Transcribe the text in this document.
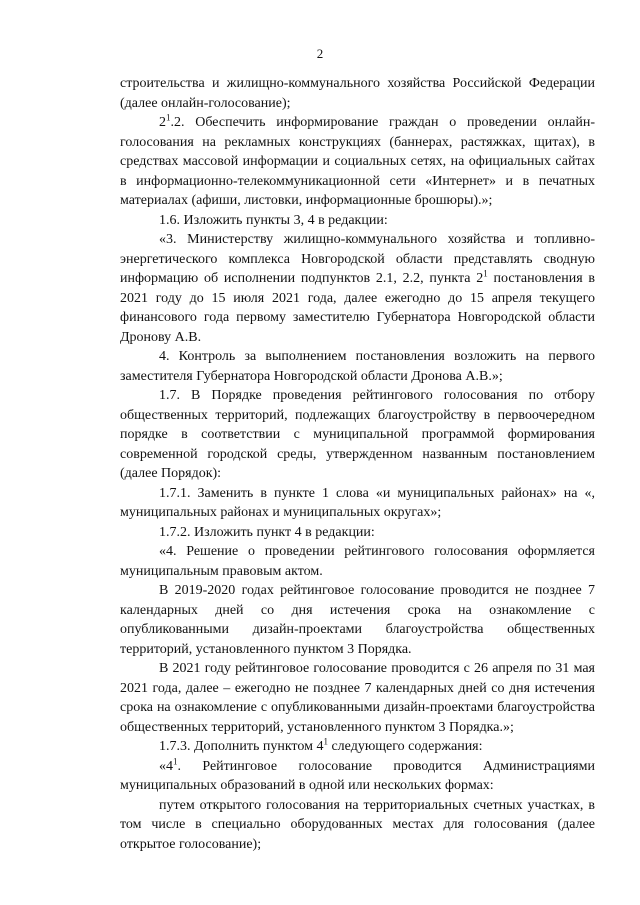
2

строительства и жилищно-коммунального хозяйства Российской Федерации (далее онлайн-голосование);

$2^1.2$. Обеспечить информирование граждан о проведении онлайн-голосования на рекламных конструкциях (баннерах, растяжках, щитах), в средствах массовой информации и социальных сетях, на официальных сайтах в информационно-телекоммуникационной сети «Интернет» и в печатных материалах (афиши, листовки, информационные брошюры).»;

1.6. Изложить пункты 3, 4 в редакции:

«3. Министерству жилищно-коммунального хозяйства и топливно-энергетического комплекса Новгородской области представлять сводную информацию об исполнении подпунктов 2.1, 2.2, пункта $2^1$ постановления в 2021 году до 15 июля 2021 года, далее ежегодно до 15 апреля текущего финансового года первому заместителю Губернатора Новгородской области Дронову А.В.

4. Контроль за выполнением постановления возложить на первого заместителя Губернатора Новгородской области Дронова А.В.»;

1.7. В Порядке проведения рейтингового голосования по отбору общественных территорий, подлежащих благоустройству в первоочередном порядке в соответствии с муниципальной программой формирования современной городской среды, утвержденном названным постановлением (далее Порядок):

1.7.1. Заменить в пункте 1 слова «и муниципальных районах» на «, муниципальных районах и муниципальных округах»;

1.7.2. Изложить пункт 4 в редакции:

«4. Решение о проведении рейтингового голосования оформляется муниципальным правовым актом.

В 2019-2020 годах рейтинговое голосование проводится не позднее 7 календарных дней со дня истечения срока на ознакомление с опубликованными дизайн-проектами благоустройства общественных территорий, установленного пунктом 3 Порядка.

В 2021 году рейтинговое голосование проводится с 26 апреля по 31 мая 2021 года, далее – ежегодно не позднее 7 календарных дней со дня истечения срока на ознакомление с опубликованными дизайн-проектами благоустройства общественных территорий, установленного пунктом 3 Порядка.»;

1.7.3. Дополнить пунктом $4^1$ следующего содержания:

«$4^1$. Рейтинговое голосование проводится Администрациями муниципальных образований в одной или нескольких формах:

путем открытого голосования на территориальных счетных участках, в том числе в специально оборудованных местах для голосования (далее открытое голосование);
